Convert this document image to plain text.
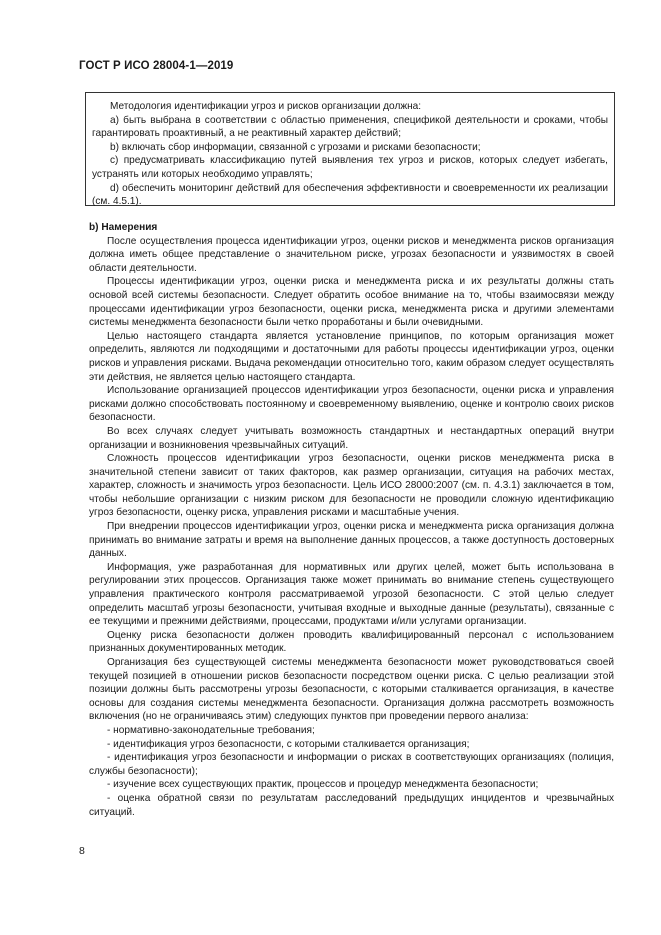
ГОСТ Р ИСО 28004-1—2019

Методология идентификации угроз и рисков организации должна:

a) быть выбрана в соответствии с областью применения, спецификой деятельности и сроками, чтобы гарантировать проактивный, а не реактивный характер действий;

b) включать сбор информации, связанной с угрозами и рисками безопасности;

c) предусматривать классификацию путей выявления тех угроз и рисков, которых следует избегать, устранять или которых необходимо управлять;

d) обеспечить мониторинг действий для обеспечения эффективности и своевременности их реализации (см. 4.5.1).

b) Намерения

После осуществления процесса идентификации угроз, оценки рисков и менеджмента рисков организация должна иметь общее представление о значительном риске, угрозах безопасности и уязвимостях в своей области деятельности.

Процессы идентификации угроз, оценки риска и менеджмента риска и их результаты должны стать основой всей системы безопасности. Следует обратить особое внимание на то, чтобы взаимосвязи между процессами идентификации угроз безопасности, оценки риска, менеджмента риска и другими элементами системы менеджмента безопасности были четко проработаны и были очевидными.

Целью настоящего стандарта является установление принципов, по которым организация может определить, являются ли подходящими и достаточными для работы процессы идентификации угроз, оценки рисков и управления рисками. Выдача рекомендации относительно того, каким образом следует осуществлять эти действия, не является целью настоящего стандарта.

Использование организацией процессов идентификации угроз безопасности, оценки риска и управления рисками должно способствовать постоянному и своевременному выявлению, оценке и контролю своих рисков безопасности.

Во всех случаях следует учитывать возможность стандартных и нестандартных операций внутри организации и возникновения чрезвычайных ситуаций.

Сложность процессов идентификации угроз безопасности, оценки рисков менеджмента риска в значительной степени зависит от таких факторов, как размер организации, ситуация на рабочих местах, характер, сложность и значимость угроз безопасности. Цель ИСО 28000:2007 (см. п. 4.3.1) заключается в том, чтобы небольшие организации с низким риском для безопасности не проводили сложную идентификацию угроз безопасности, оценку риска, управления рисками и масштабные учения.

При внедрении процессов идентификации угроз, оценки риска и менеджмента риска организация должна принимать во внимание затраты и время на выполнение данных процессов, а также доступность достоверных данных.

Информация, уже разработанная для нормативных или других целей, может быть использована в регулировании этих процессов. Организация также может принимать во внимание степень существующего управления практического контроля рассматриваемой угрозой безопасности. С этой целью следует определить масштаб угрозы безопасности, учитывая входные и выходные данные (результаты), связанные с ее текущими и прежними действиями, процессами, продуктами и/или услугами организации.

Оценку риска безопасности должен проводить квалифицированный персонал с использованием признанных документированных методик.

Организация без существующей системы менеджмента безопасности может руководствоваться своей текущей позицией в отношении рисков безопасности посредством оценки риска. С целью реализации этой позиции должны быть рассмотрены угрозы безопасности, с которыми сталкивается организация, в качестве основы для создания системы менеджмента безопасности. Организация должна рассмотреть возможность включения (но не ограничиваясь этим) следующих пунктов при проведении первого анализа:

- нормативно-законодательные требования;

- идентификация угроз безопасности, с которыми сталкивается организация;

- идентификация угроз безопасности и информации о рисках в соответствующих организациях (полиция, службы безопасности);

- изучение всех существующих практик, процессов и процедур менеджмента безопасности;

- оценка обратной связи по результатам расследований предыдущих инцидентов и чрезвычайных ситуаций.

8
